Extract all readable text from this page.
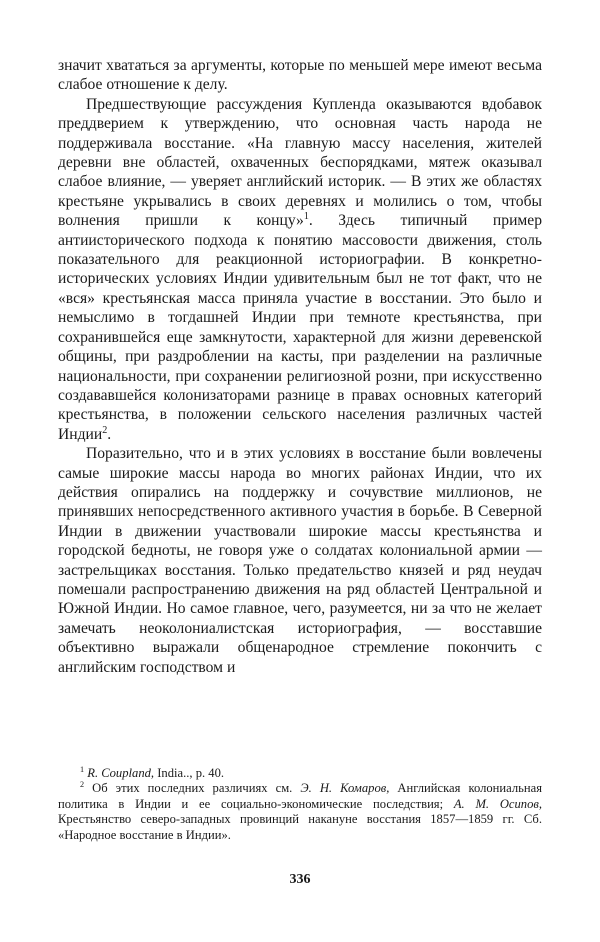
значит хвататься за аргументы, которые по меньшей мере имеют весьма слабое отношение к делу.

Предшествующие рассуждения Купленда оказываются вдобавок преддверием к утверждению, что основная часть народа не поддерживала восстание. «На главную массу населения, жителей деревни вне областей, охваченных беспорядками, мятеж оказывал слабое влияние, — уверяет английский историк. — В этих же областях крестьяне укрывались в своих деревнях и молились о том, чтобы волнения пришли к концу»$^1$. Здесь типичный пример антиисторического подхода к понятию массовости движения, столь показательного для реакционной историографии. В конкретно-исторических условиях Индии удивительным был не тот факт, что не «вся» крестьянская масса приняла участие в восстании. Это было и немыслимо в тогдашней Индии при темноте крестьянства, при сохранившейся еще замкнутости, характерной для жизни деревенской общины, при раздроблении на касты, при разделении на различные национальности, при сохранении религиозной розни, при искусственно создававшейся колонизаторами разнице в правах основных категорий крестьянства, в положении сельского населения различных частей Индии$^2$.

Поразительно, что и в этих условиях в восстание были вовлечены самые широкие массы народа во многих районах Индии, что их действия опирались на поддержку и сочувствие миллионов, не принявших непосредственного активного участия в борьбе. В Северной Индии в движении участвовали широкие массы крестьянства и городской бедноты, не говоря уже о солдатах колониальной армии — застрельщиках восстания. Только предательство князей и ряд неудач помешали распространению движения на ряд областей Центральной и Южной Индии. Но самое главное, чего, разумеется, ни за что не желает замечать неоколониалистская историография, — восставшие объективно выражали общенародное стремление покончить с английским господством и

$^1$ R. Coupland, India.., p. 40.

$^2$ Об этих последних различиях см. Э. Н. Комаров, Английская колониальная политика в Индии и ее социально-экономические последствия; А. М. Осипов, Крестьянство северо-западных провинций накануне восстания 1857—1859 гг. Сб. «Народное восстание в Индии».

336
